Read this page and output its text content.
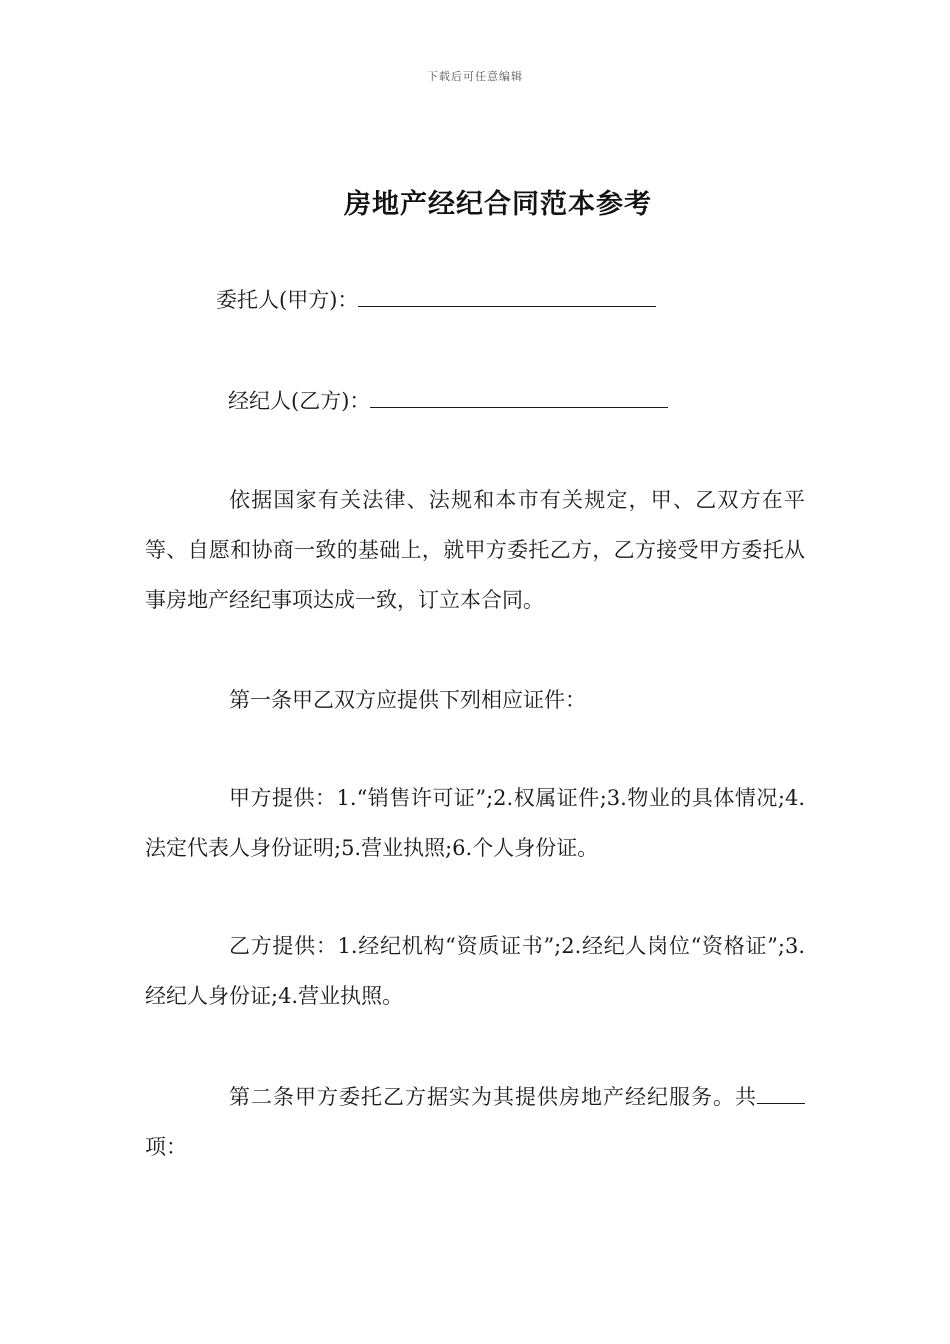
下载后可任意编辑
房地产经纪合同范本参考
委托人(甲方)：
经纪人(乙方)：
依据国家有关法律、法规和本市有关规定，甲、乙双方在平等、自愿和协商一致的基础上，就甲方委托乙方，乙方接受甲方委托从事房地产经纪事项达成一致，订立本合同。
第一条甲乙双方应提供下列相应证件：
甲方提供：1.“销售许可证”;2.权属证件;3.物业的具体情况;4.法定代表人身份证明;5.营业执照;6.个人身份证。
乙方提供：1.经纪机构“资质证书”;2.经纪人岗位“资格证”;3.经纪人身份证;4.营业执照。
第二条甲方委托乙方据实为其提供房地产经纪服务。共项：
